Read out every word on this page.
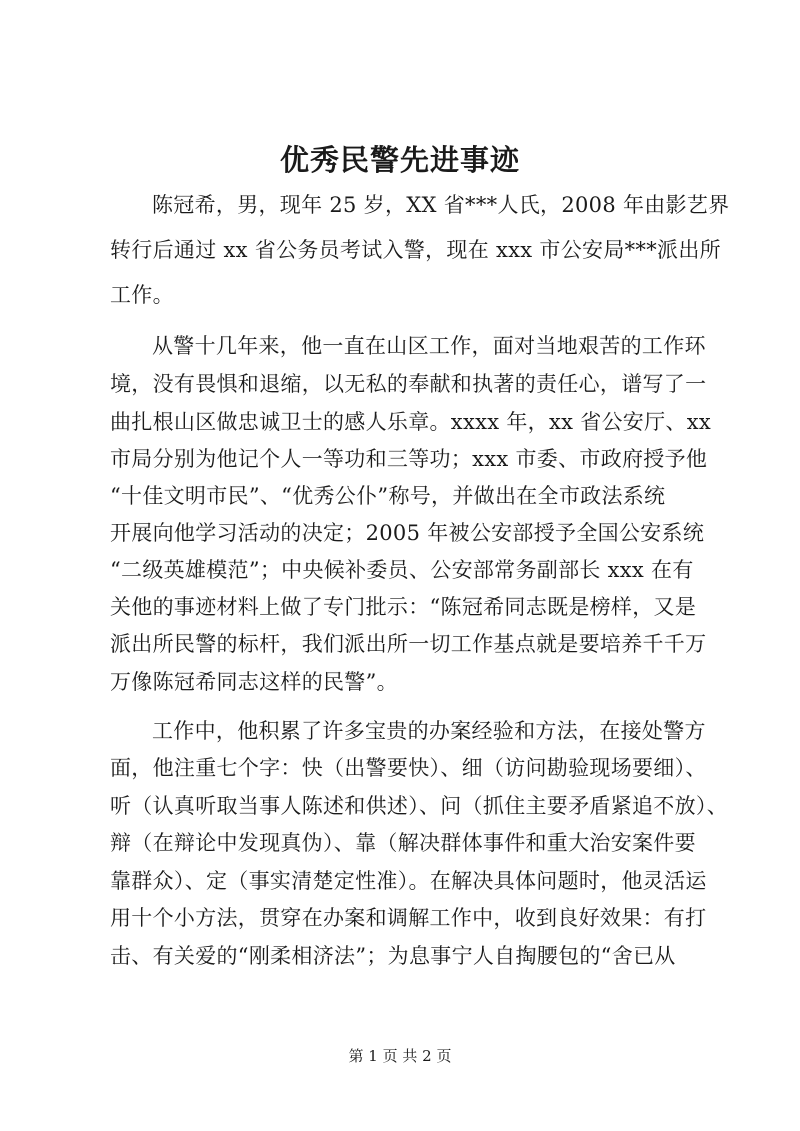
优秀民警先进事迹
陈冠希，男，现年 25 岁，XX 省***人氏，2008 年由影艺界
转行后通过 xx 省公务员考试入警，现在 xxx 市公安局***派出所
工作。
从警十几年来，他一直在山区工作，面对当地艰苦的工作环
境，没有畏惧和退缩，以无私的奉献和执著的责任心，谱写了一
曲扎根山区做忠诚卫士的感人乐章。xxxx 年，xx 省公安厅、xx
市局分别为他记个人一等功和三等功；xxx 市委、市政府授予他
“十佳文明市民”、“优秀公仆”称号，并做出在全市政法系统
开展向他学习活动的决定；2005 年被公安部授予全国公安系统
“二级英雄模范”；中央候补委员、公安部常务副部长 xxx 在有
关他的事迹材料上做了专门批示：“陈冠希同志既是榜样，又是
派出所民警的标杆，我们派出所一切工作基点就是要培养千千万
万像陈冠希同志这样的民警”。
工作中，他积累了许多宝贵的办案经验和方法，在接处警方
面，他注重七个字：快（出警要快）、细（访问勘验现场要细）、
听（认真听取当事人陈述和供述）、问（抓住主要矛盾紧追不放）、
辩（在辩论中发现真伪）、靠（解决群体事件和重大治安案件要
靠群众）、定（事实清楚定性准）。在解决具体问题时，他灵活运
用十个小方法，贯穿在办案和调解工作中，收到良好效果：有打
击、有关爱的“刚柔相济法”；为息事宁人自掏腰包的“舍已从
第 1 页 共 2 页
